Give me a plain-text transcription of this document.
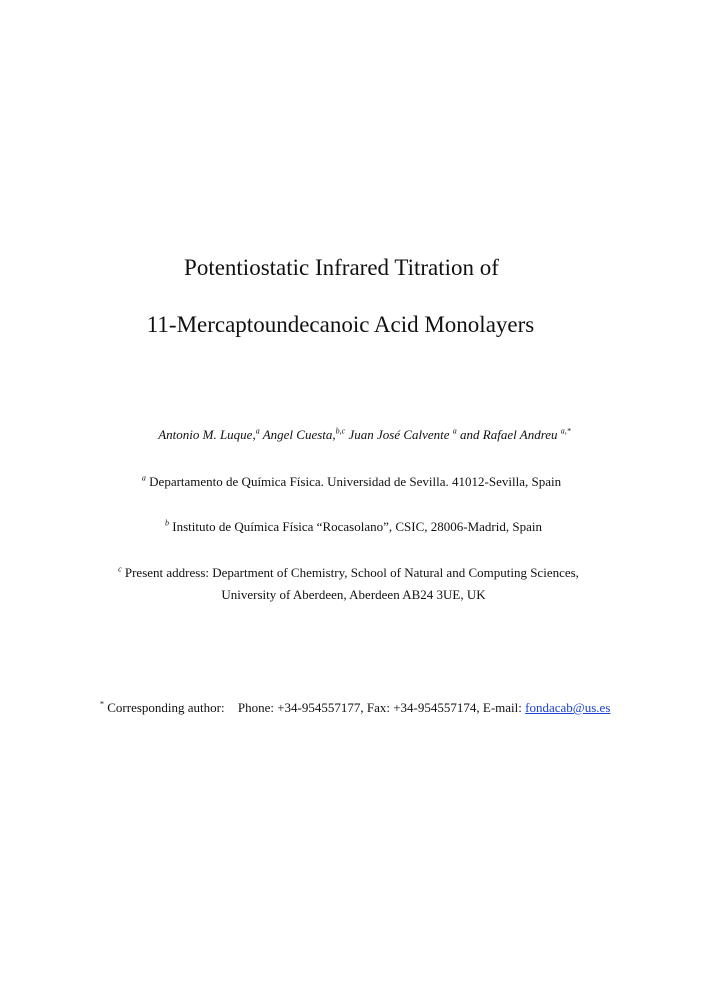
Potentiostatic Infrared Titration of
11-Mercaptoundecanoic Acid Monolayers
Antonio M. Luque,$^a$ Angel Cuesta,$^{b,c}$ Juan José Calvente $^a$ and Rafael Andreu $^{a,*}$
$^a$ Departamento de Química Física. Universidad de Sevilla. 41012-Sevilla, Spain
$^b$ Instituto de Química Física “Rocasolano”, CSIC, 28006-Madrid, Spain
$^c$ Present address: Department of Chemistry, School of Natural and Computing Sciences,
University of Aberdeen, Aberdeen AB24 3UE, UK
* Corresponding author: Phone: +34-954557177, Fax: +34-954557174, E-mail: fondacab@us.es
